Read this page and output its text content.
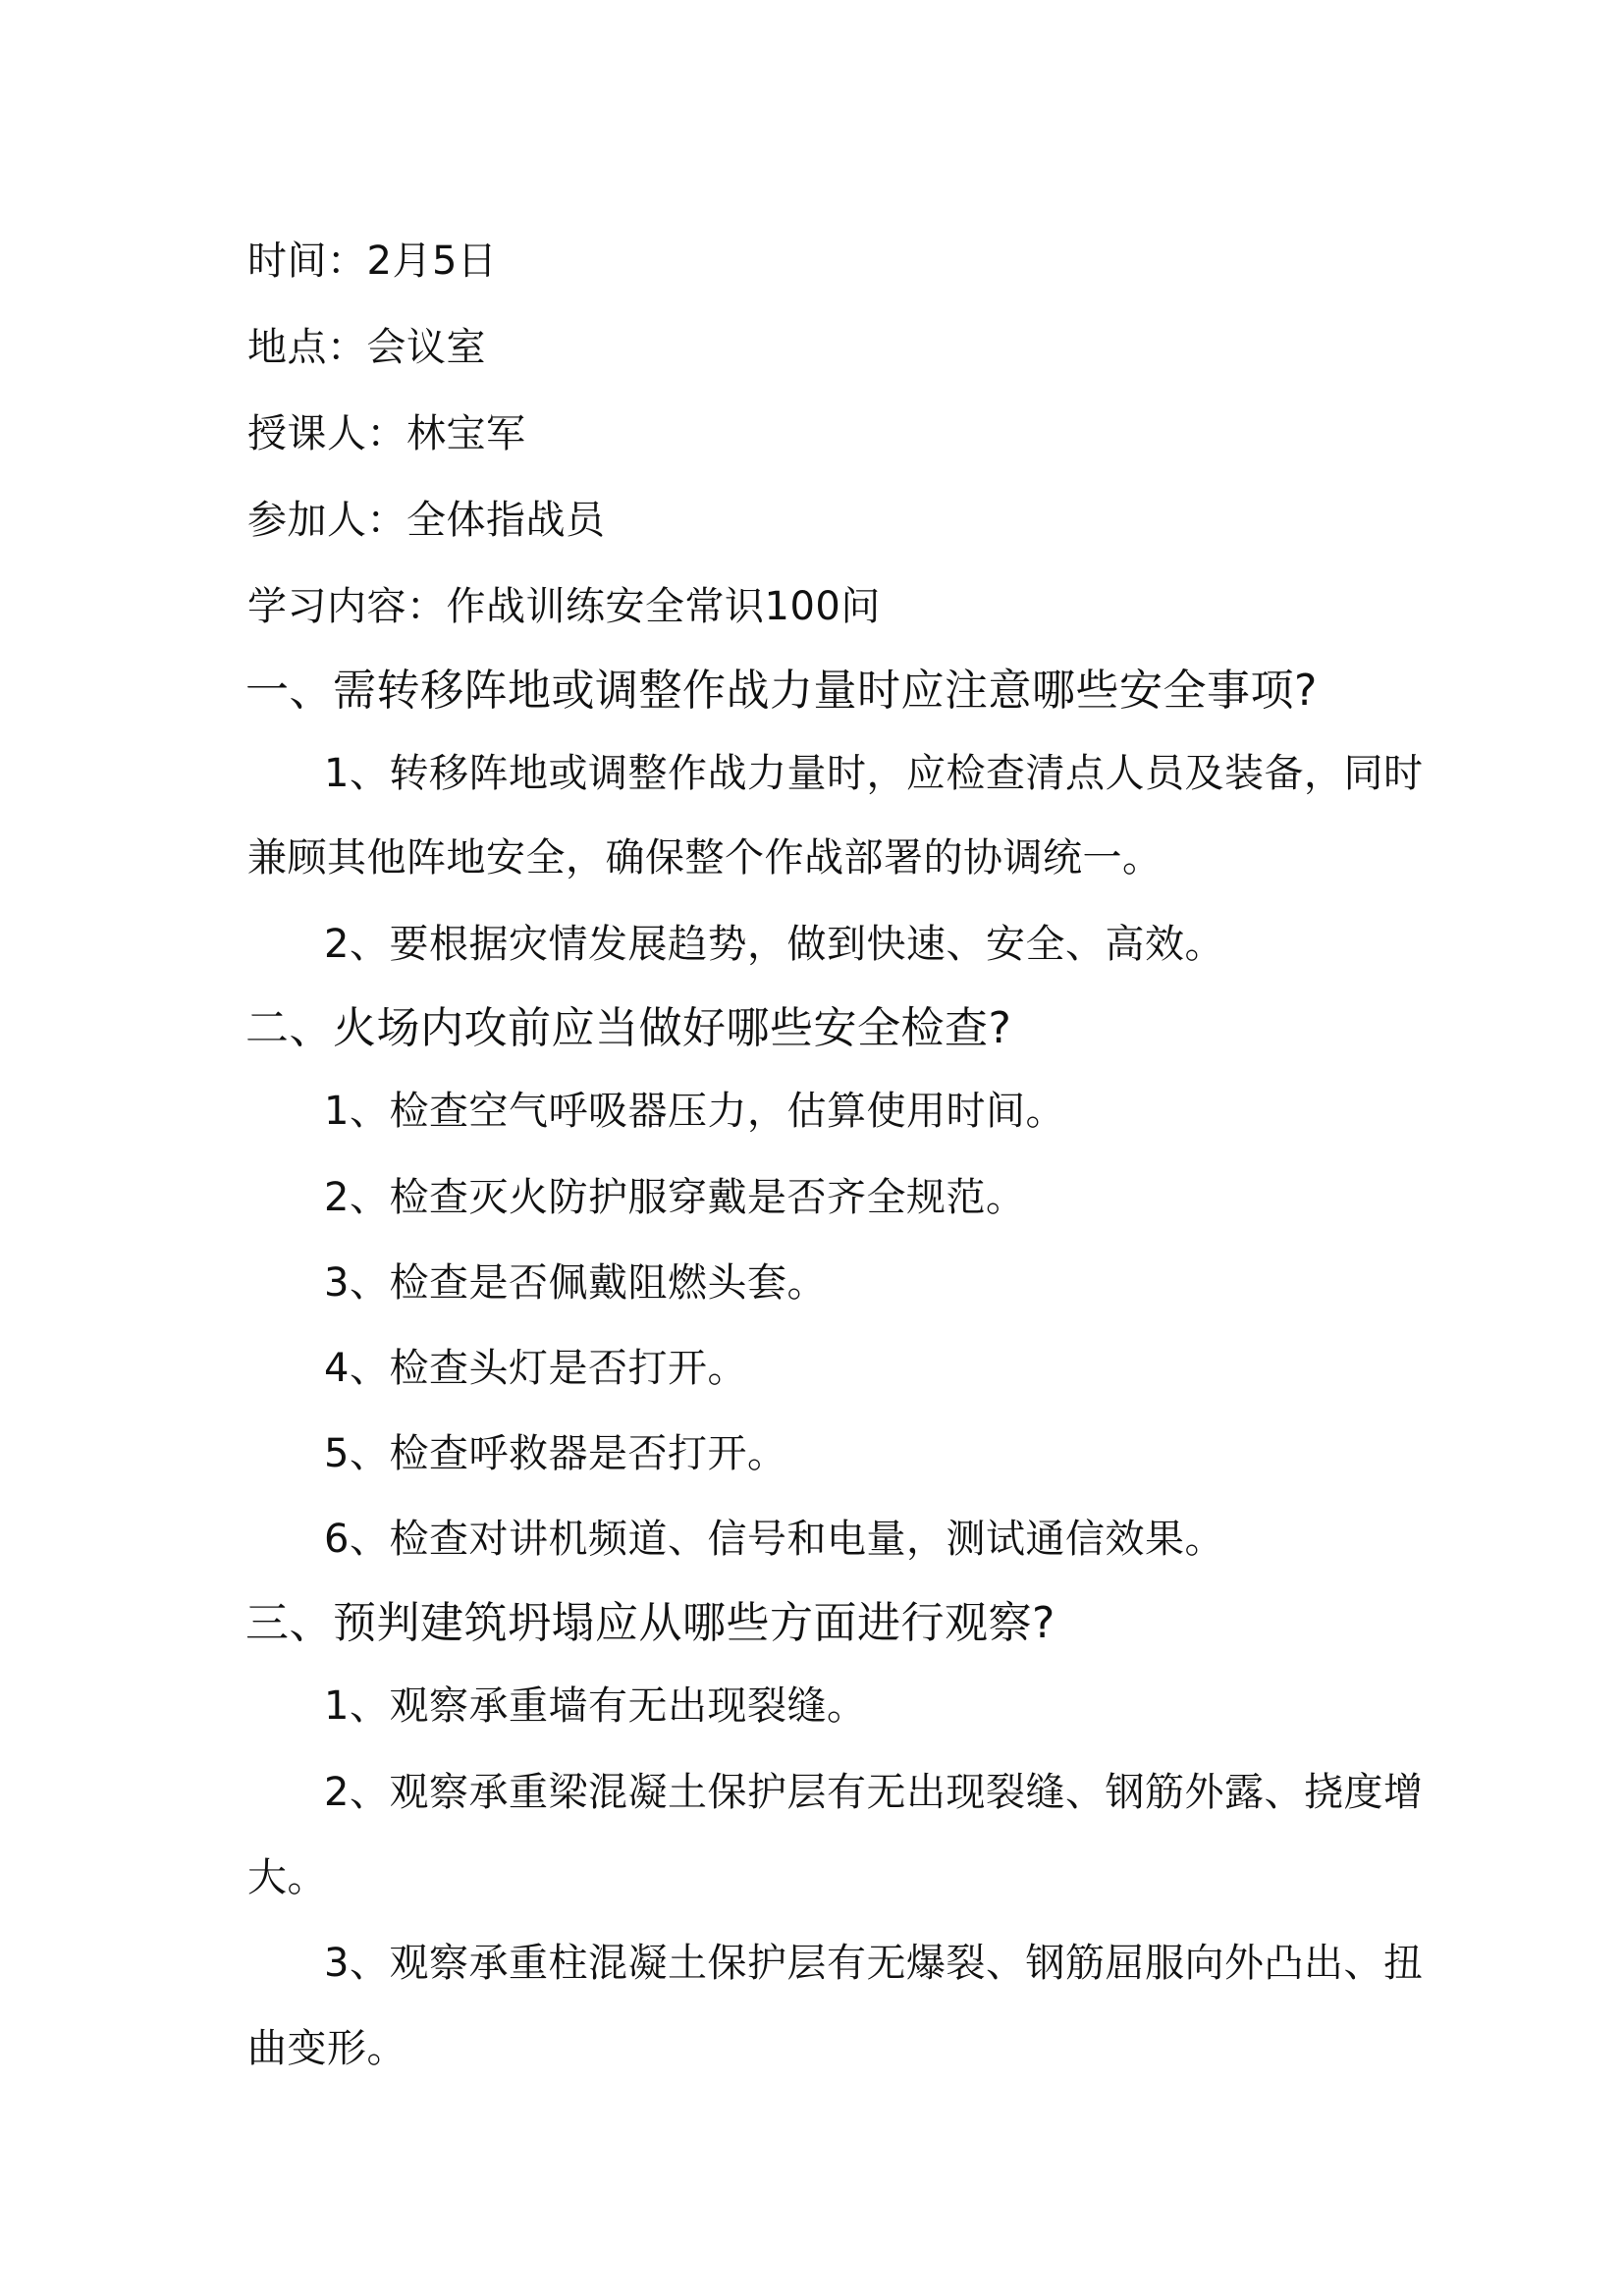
时间：2月5日
地点：会议室
授课人：林宝军
参加人：全体指战员
学习内容：作战训练安全常识100问
一、需转移阵地或调整作战力量时应注意哪些安全事项?
1、转移阵地或调整作战力量时，应检查清点人员及装备，同时
兼顾其他阵地安全，确保整个作战部署的协调统一。
2、要根据灾情发展趋势，做到快速、安全、高效。
二、火场内攻前应当做好哪些安全检查?
1、检查空气呼吸器压力，估算使用时间。
2、检查灭火防护服穿戴是否齐全规范。
3、检查是否佩戴阻燃头套。
4、检查头灯是否打开。
5、检查呼救器是否打开。
6、检查对讲机频道、信号和电量，测试通信效果。
三、预判建筑坍塌应从哪些方面进行观察?
1、观察承重墙有无出现裂缝。
2、观察承重梁混凝土保护层有无出现裂缝、钢筋外露、挠度增
大。
3、观察承重柱混凝土保护层有无爆裂、钢筋屈服向外凸出、扭
曲变形。
